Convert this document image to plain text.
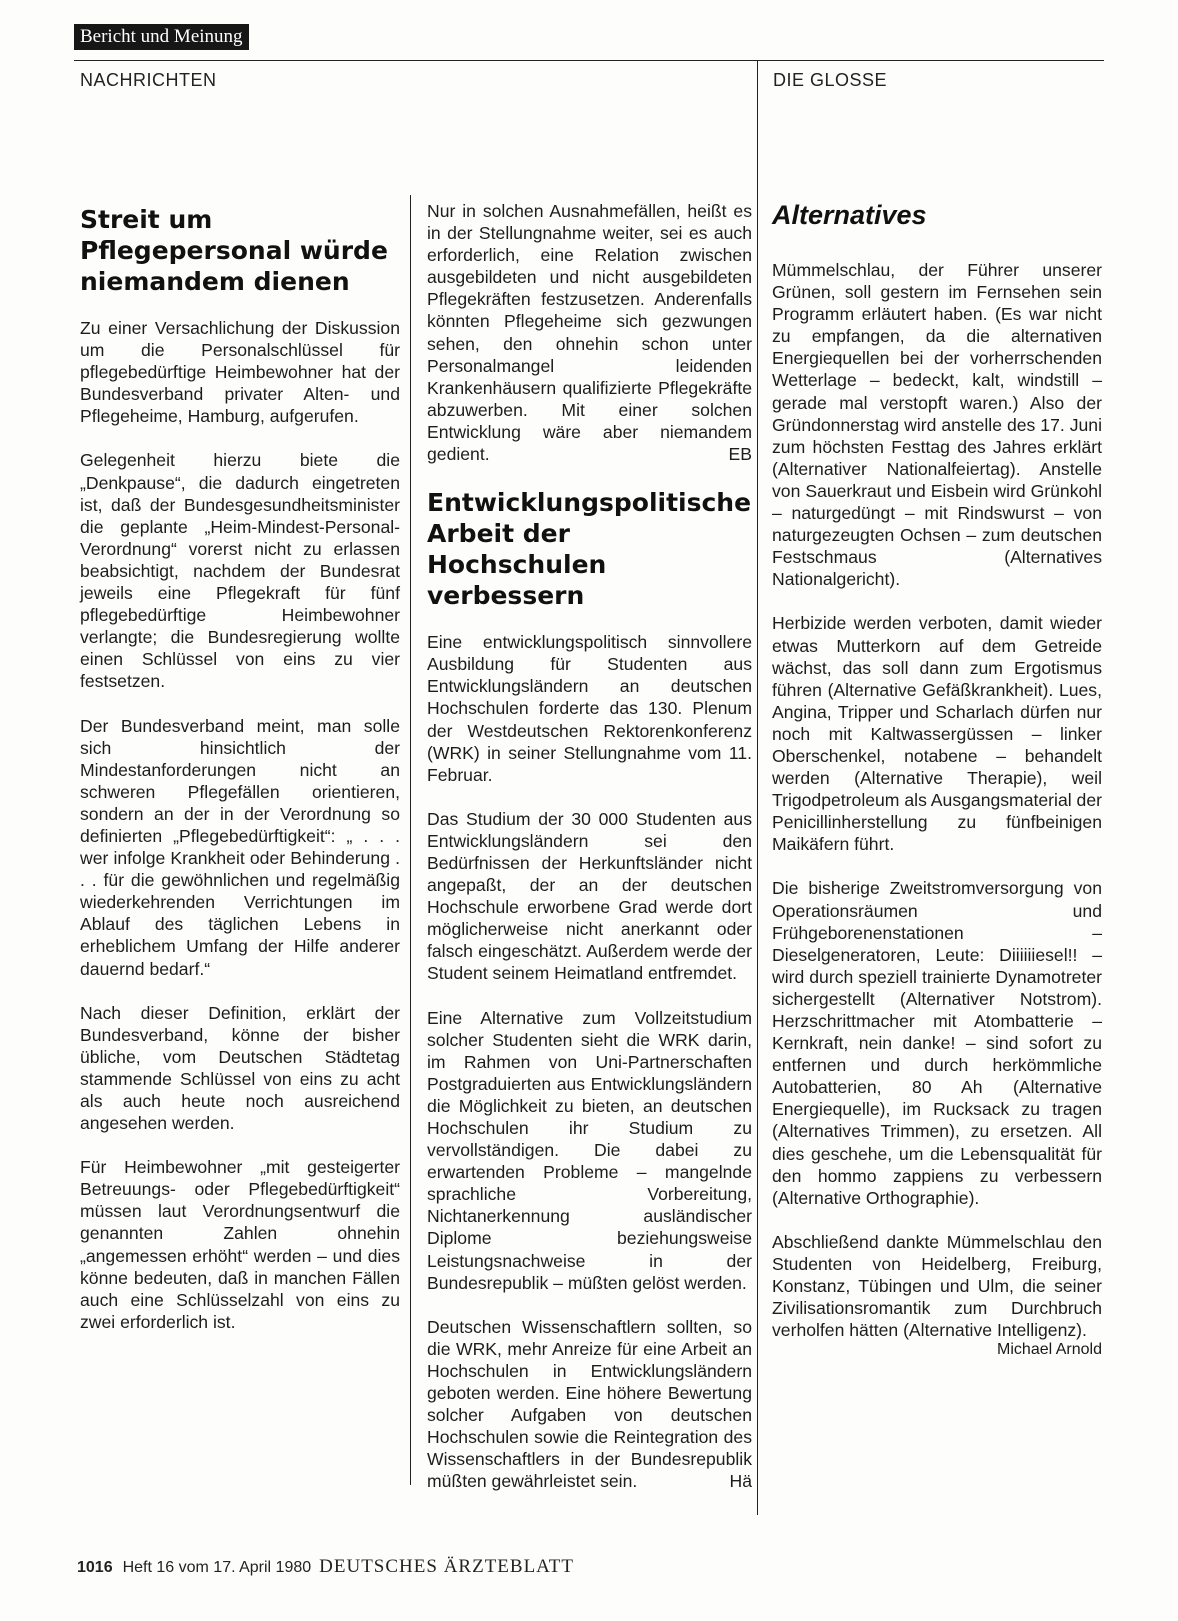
Bericht und Meinung
NACHRICHTEN	DIE GLOSSE
Streit um Pflegepersonal würde niemandem dienen

Zu einer Versachlichung der Diskussion um die Personalschlüssel für pflegebedürftige Heimbewohner hat der Bundesverband privater Alten- und Pflegeheime, Hamburg, aufgerufen.

Gelegenheit hierzu biete die „Denkpause“, die dadurch eingetreten ist, daß der Bundesgesundheitsminister die geplante „Heim-Mindest-Personal-Verordnung“ vorerst nicht zu erlassen beabsichtigt, nachdem der Bundesrat jeweils eine Pflegekraft für fünf pflegebedürftige Heimbewohner verlangte; die Bundesregierung wollte einen Schlüssel von eins zu vier festsetzen.

Der Bundesverband meint, man solle sich hinsichtlich der Mindestanforderungen nicht an schweren Pflegefällen orientieren, sondern an der in der Verordnung so definierten „Pflegebedürftigkeit“: „ . . . wer infolge Krankheit oder Behinderung . . . für die gewöhnlichen und regelmäßig wiederkehrenden Verrichtungen im Ablauf des täglichen Lebens in erheblichem Umfang der Hilfe anderer dauernd bedarf.“

Nach dieser Definition, erklärt der Bundesverband, könne der bisher übliche, vom Deutschen Städtetag stammende Schlüssel von eins zu acht als auch heute noch ausreichend angesehen werden.

Für Heimbewohner „mit gesteigerter Betreuungs- oder Pflegebedürftigkeit“ müssen laut Verordnungsentwurf die genannten Zahlen ohnehin „angemessen erhöht“ werden – und dies könne bedeuten, daß in manchen Fällen auch eine Schlüsselzahl von eins zu zwei erforderlich ist.

Nur in solchen Ausnahmefällen, heißt es in der Stellungnahme weiter, sei es auch erforderlich, eine Relation zwischen ausgebildeten und nicht ausgebildeten Pflegekräften festzusetzen. Anderenfalls könnten Pflegeheime sich gezwungen sehen, den ohnehin schon unter Personalmangel leidenden Krankenhäusern qualifizierte Pflegekräfte abzuwerben. Mit einer solchen Entwicklung wäre aber niemandem gedient.	EB

Entwicklungspolitische Arbeit der Hochschulen verbessern

Eine entwicklungspolitisch sinnvollere Ausbildung für Studenten aus Entwicklungsländern an deutschen Hochschulen forderte das 130. Plenum der Westdeutschen Rektorenkonferenz (WRK) in seiner Stellungnahme vom 11. Februar.

Das Studium der 30 000 Studenten aus Entwicklungsländern sei den Bedürfnissen der Herkunftsländer nicht angepaßt, der an der deutschen Hochschule erworbene Grad werde dort möglicherweise nicht anerkannt oder falsch eingeschätzt. Außerdem werde der Student seinem Heimatland entfremdet.

Eine Alternative zum Vollzeitstudium solcher Studenten sieht die WRK darin, im Rahmen von Uni-Partnerschaften Postgraduierten aus Entwicklungsländern die Möglichkeit zu bieten, an deutschen Hochschulen ihr Studium zu vervollständigen. Die dabei zu erwartenden Probleme – mangelnde sprachliche Vorbereitung, Nichtanerkennung ausländischer Diplome beziehungsweise Leistungsnachweise in der Bundesrepublik – müßten gelöst werden.

Deutschen Wissenschaftlern sollten, so die WRK, mehr Anreize für eine Arbeit an Hochschulen in Entwicklungsländern geboten werden. Eine höhere Bewertung solcher Aufgaben von deutschen Hochschulen sowie die Reintegration des Wissenschaftlers in der Bundesrepublik müßten gewährleistet sein.	Hä

Alternatives

Mümmelschlau, der Führer unserer Grünen, soll gestern im Fernsehen sein Programm erläutert haben. (Es war nicht zu empfangen, da die alternativen Energiequellen bei der vorherrschenden Wetterlage – bedeckt, kalt, windstill – gerade mal verstopft waren.) Also der Gründonnerstag wird anstelle des 17. Juni zum höchsten Festtag des Jahres erklärt (Alternativer Nationalfeiertag). Anstelle von Sauerkraut und Eisbein wird Grünkohl – naturgedüngt – mit Rindswurst – von naturgezeugten Ochsen – zum deutschen Festschmaus (Alternatives Nationalgericht).

Herbizide werden verboten, damit wieder etwas Mutterkorn auf dem Getreide wächst, das soll dann zum Ergotismus führen (Alternative Gefäßkrankheit). Lues, Angina, Tripper und Scharlach dürfen nur noch mit Kaltwassergüssen – linker Oberschenkel, notabene – behandelt werden (Alternative Therapie), weil Trigodpetroleum als Ausgangsmaterial der Penicillinherstellung zu fünfbeinigen Maikäfern führt.

Die bisherige Zweitstromversorgung von Operationsräumen und Frühgeborenenstationen – Dieselgeneratoren, Leute: Diiiiiiesel!! – wird durch speziell trainierte Dynamotreter sichergestellt (Alternativer Notstrom). Herzschrittmacher mit Atombatterie – Kernkraft, nein danke! – sind sofort zu entfernen und durch herkömmliche Autobatterien, 80 Ah (Alternative Energiequelle), im Rucksack zu tragen (Alternatives Trimmen), zu ersetzen. All dies geschehe, um die Lebensqualität für den hommo zappiens zu verbessern (Alternative Orthographie).

Abschließend dankte Mümmelschlau den Studenten von Heidelberg, Freiburg, Konstanz, Tübingen und Ulm, die seiner Zivilisationsromantik zum Durchbruch verholfen hätten (Alternative Intelligenz).

Michael Arnold
1016 Heft 16 vom 17. April 1980 DEUTSCHES ÄRZTEBLATT
